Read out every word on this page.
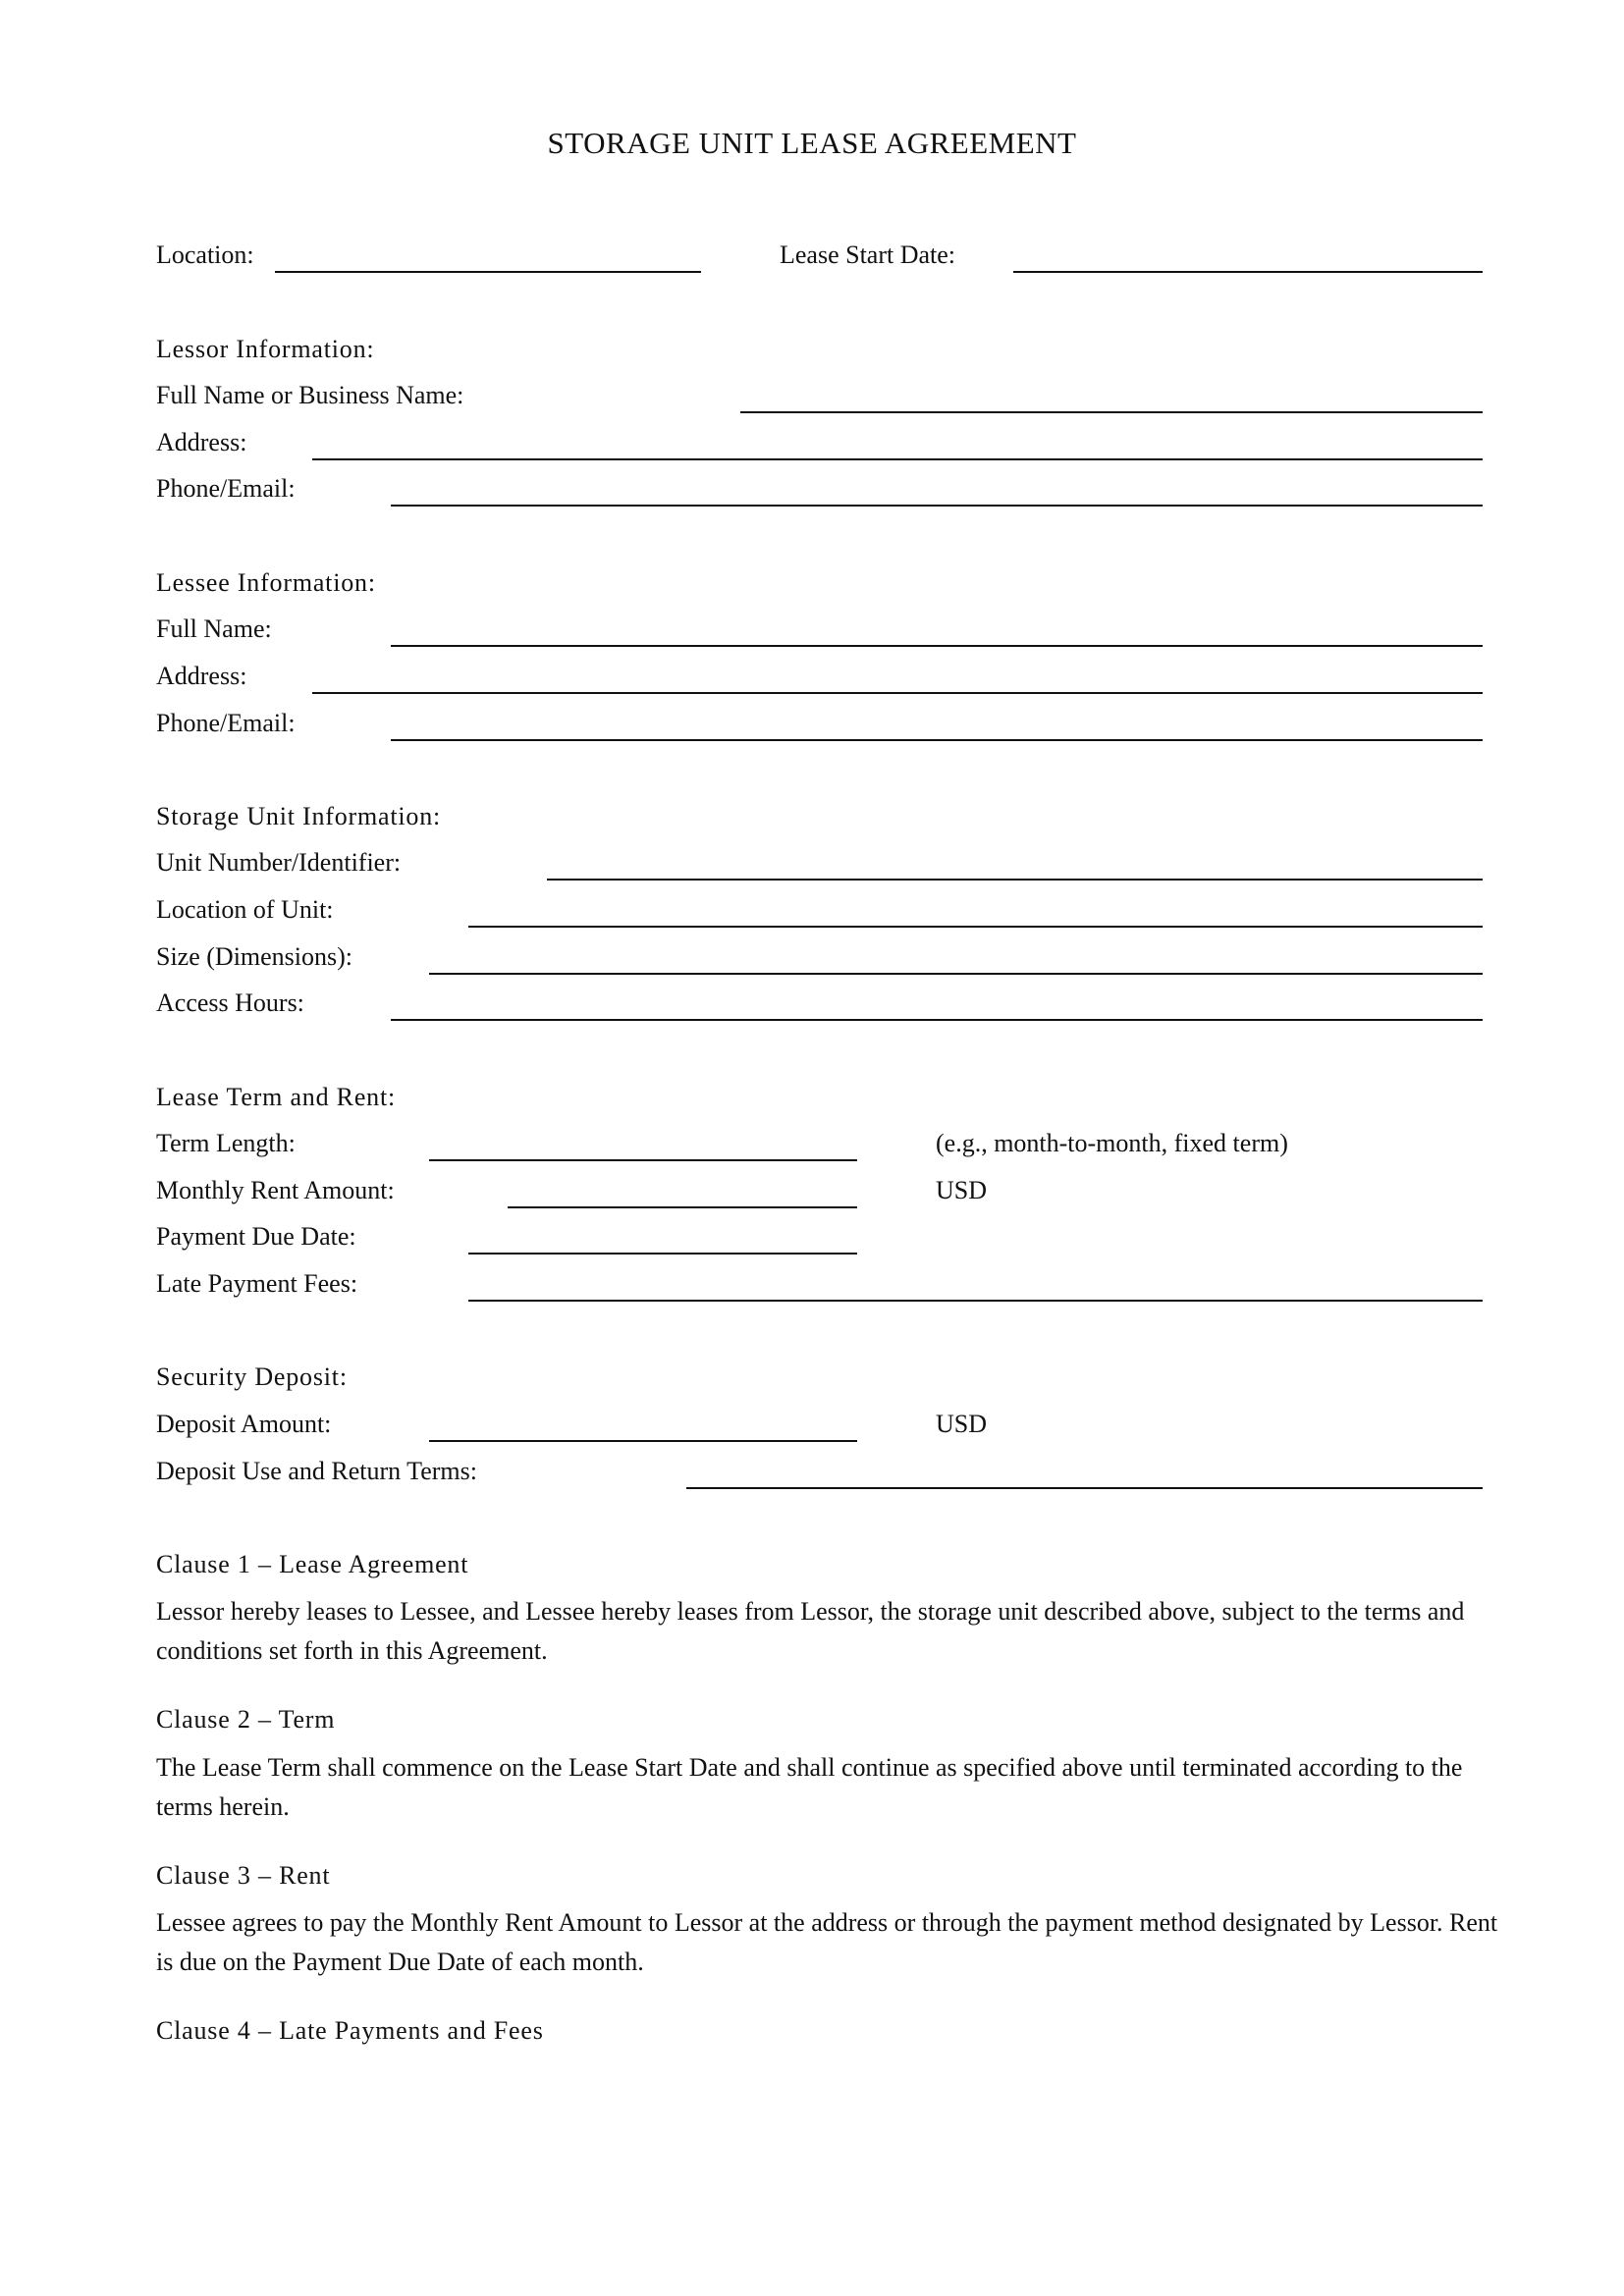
STORAGE UNIT LEASE AGREEMENT
Location:	Lease Start Date:
Lessor Information:
Full Name or Business Name:
Address:
Phone/Email:
Lessee Information:
Full Name:
Address:
Phone/Email:
Storage Unit Information:
Unit Number/Identifier:
Location of Unit:
Size (Dimensions):
Access Hours:
Lease Term and Rent:
Term Length:	(e.g., month-to-month, fixed term)
Monthly Rent Amount:	USD
Payment Due Date:
Late Payment Fees:
Security Deposit:
Deposit Amount:	USD
Deposit Use and Return Terms:
Clause 1 – Lease Agreement
Lessor hereby leases to Lessee, and Lessee hereby leases from Lessor, the storage unit described above, subject to the terms and conditions set forth in this Agreement.
Clause 2 – Term
The Lease Term shall commence on the Lease Start Date and shall continue as specified above until terminated according to the terms herein.
Clause 3 – Rent
Lessee agrees to pay the Monthly Rent Amount to Lessor at the address or through the payment method designated by Lessor. Rent is due on the Payment Due Date of each month.
Clause 4 – Late Payments and Fees
